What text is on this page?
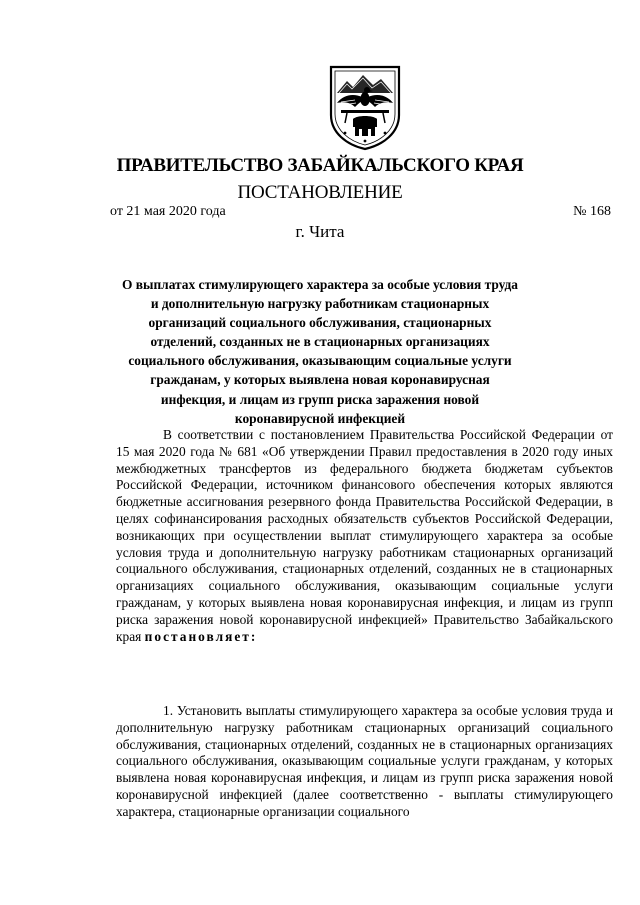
ПРАВИТЕЛЬСТВО ЗАБАЙКАЛЬСКОГО КРАЯ
ПОСТАНОВЛЕНИЕ
от 21 мая 2020 года	№ 168
г. Чита
О выплатах стимулирующего характера за особые условия труда и дополнительную нагрузку работникам стационарных организаций социального обслуживания, стационарных отделений, созданных не в стационарных организациях социального обслуживания, оказывающим социальные услуги гражданам, у которых выявлена новая коронавирусная инфекция, и лицам из групп риска заражения новой коронавирусной инфекцией
В соответствии с постановлением Правительства Российской Федерации от 15 мая 2020 года № 681 «Об утверждении Правил предоставления в 2020 году иных межбюджетных трансфертов из федерального бюджета бюджетам субъектов Российской Федерации, источником финансового обеспечения которых являются бюджетные ассигнования резервного фонда Правительства Российской Федерации, в целях софинансирования расходных обязательств субъектов Российской Федерации, возникающих при осуществлении выплат стимулирующего характера за особые условия труда и дополнительную нагрузку работникам стационарных организаций социального обслуживания, стационарных отделений, созданных не в стационарных организациях социального обслуживания, оказывающим социальные услуги гражданам, у которых выявлена новая коронавирусная инфекция, и лицам из групп риска заражения новой коронавирусной инфекцией» Правительство Забайкальского края постановляет:
1. Установить выплаты стимулирующего характера за особые условия труда и дополнительную нагрузку работникам стационарных организаций социального обслуживания, стационарных отделений, созданных не в стационарных организациях социального обслуживания, оказывающим социальные услуги гражданам, у которых выявлена новая коронавирусная инфекция, и лицам из групп риска заражения новой коронавирусной инфекцией (далее соответственно - выплаты стимулирующего характера, стационарные организации социального
